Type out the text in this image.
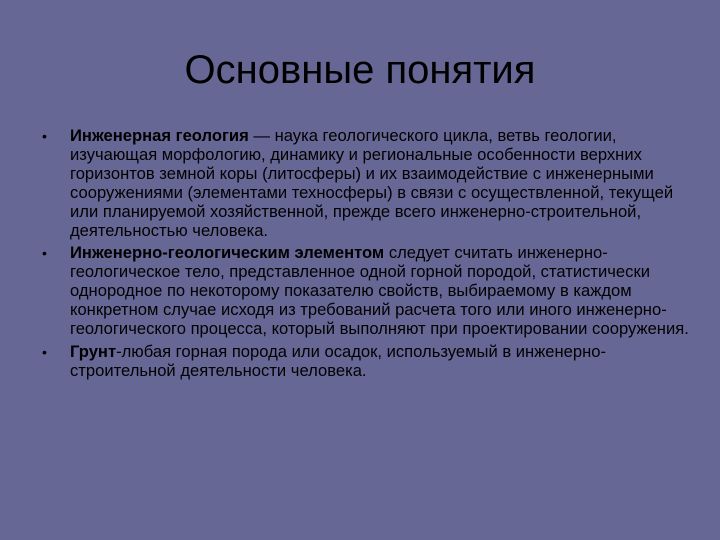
Основные понятия
• Инженерная геология — наука геологического цикла, ветвь геологии, изучающая морфологию, динамику и региональные особенности верхних горизонтов земной коры (литосферы) и их взаимодействие с инженерными сооружениями (элементами техносферы) в связи с осуществленной, текущей или планируемой хозяйственной, прежде всего инженерно-строительной, деятельностью человека.
• Инженерно-геологическим элементом следует считать инженерно-геологическое тело, представленное одной горной породой, статистически однородное по некоторому показателю свойств, выбираемому в каждом конкретном случае исходя из требований расчета того или иного инженерно-геологического процесса, который выполняют при проектировании сооружения.
• Грунт-любая горная порода или осадок, используемый в инженерно-строительной деятельности человека.
